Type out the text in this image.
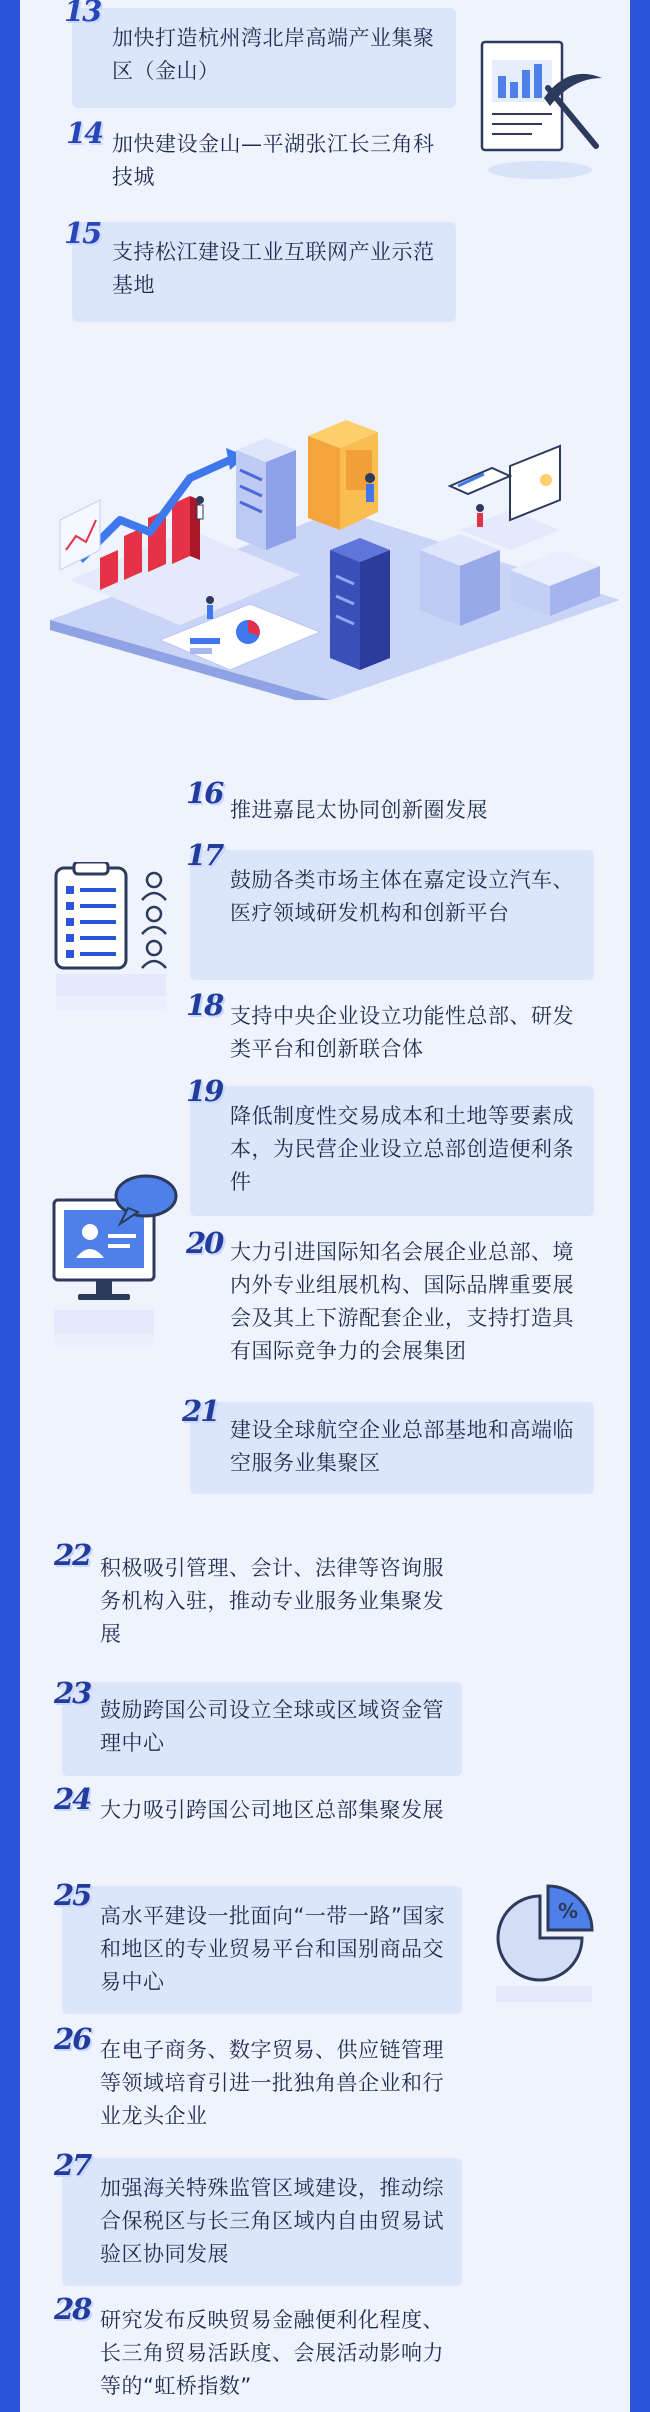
加快打造杭州湾北岸高端产业集聚区（金山）
13
加快建设金山—平湖张江长三角科技城
14
支持松江建设工业互联网产业示范基地
15
推进嘉昆太协同创新圈发展
16
鼓励各类市场主体在嘉定设立汽车、医疗领域研发机构和创新平台
17
支持中央企业设立功能性总部、研发类平台和创新联合体
18
降低制度性交易成本和土地等要素成本，为民营企业设立总部创造便利条件
19
大力引进国际知名会展企业总部、境内外专业组展机构、国际品牌重要展会及其上下游配套企业，支持打造具有国际竞争力的会展集团
20
建设全球航空企业总部基地和高端临空服务业集聚区
21
积极吸引管理、会计、法律等咨询服务机构入驻，推动专业服务业集聚发展
22
鼓励跨国公司设立全球或区域资金管理中心
23
大力吸引跨国公司地区总部集聚发展
24
高水平建设一批面向“一带一路”国家和地区的专业贸易平台和国别商品交易中心
25	%
在电子商务、数字贸易、供应链管理等领域培育引进一批独角兽企业和行业龙头企业
26
加强海关特殊监管区域建设，推动综合保税区与长三角区域内自由贸易试验区协同发展
27
研究发布反映贸易金融便利化程度、长三角贸易活跃度、会展活动影响力等的“虹桥指数”
28
